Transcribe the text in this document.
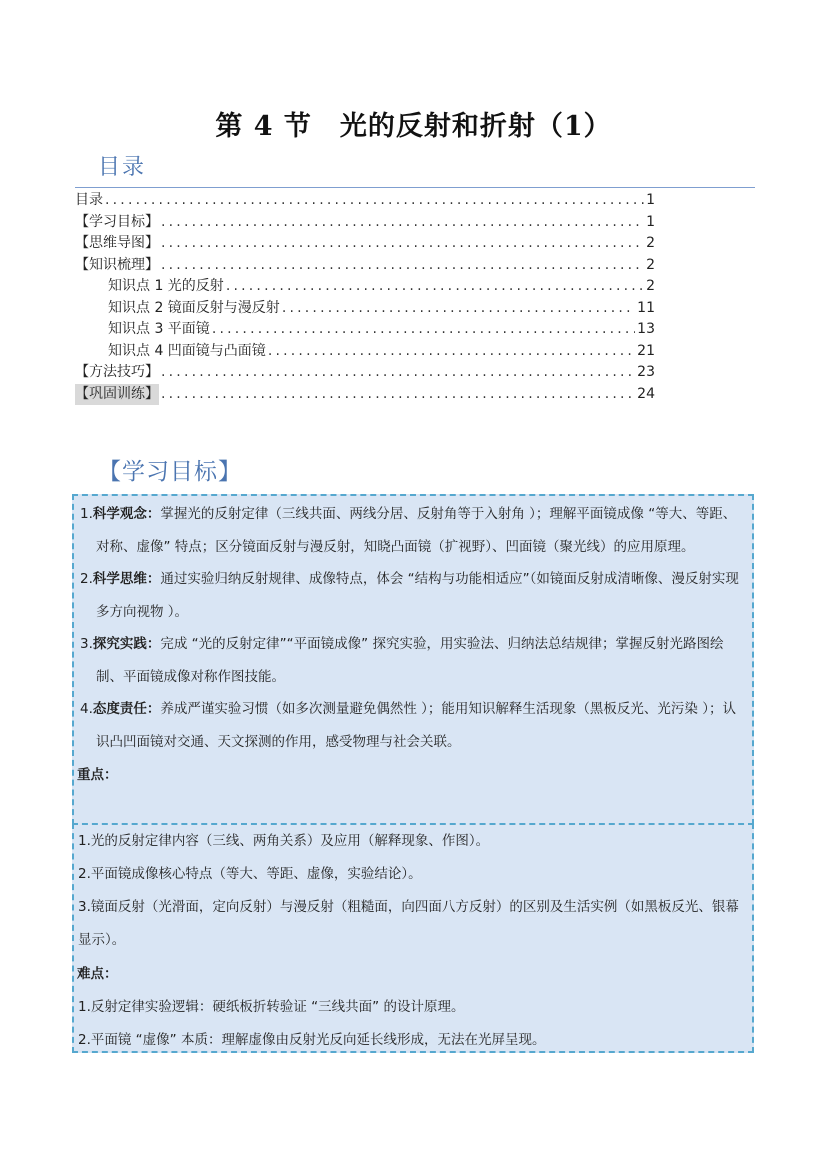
第 4 节　光的反射和折射（1）
目录
目录 .....	1
【学习目标】 .....	1
【思维导图】 .....	2
【知识梳理】 .....	2
知识点 1 光的反射 .....	2
知识点 2 镜面反射与漫反射 .....	11
知识点 3 平面镜 .....	13
知识点 4 凹面镜与凸面镜 .....	21
【方法技巧】 .....	23
【巩固训练】 .....	24
【学习目标】
1.科学观念：掌握光的反射定律（三线共面、两线分居、反射角等于入射角 ）；理解平面镜成像 “等大、等距、对称、虚像” 特点；区分镜面反射与漫反射，知晓凸面镜（扩视野）、凹面镜（聚光线）的应用原理。
2.科学思维：通过实验归纳反射规律、成像特点，体会 “结构与功能相适应”（如镜面反射成清晰像、漫反射实现多方向视物 ）。
3.探究实践：完成 “光的反射定律”“平面镜成像” 探究实验，用实验法、归纳法总结规律；掌握反射光路图绘制、平面镜成像对称作图技能。
4.态度责任：养成严谨实验习惯（如多次测量避免偶然性 ）；能用知识解释生活现象（黑板反光、光污染 ）；认识凸凹面镜对交通、天文探测的作用，感受物理与社会关联。
重点：
1.光的反射定律内容（三线、两角关系）及应用（解释现象、作图）。
2.平面镜成像核心特点（等大、等距、虚像，实验结论）。
3.镜面反射（光滑面，定向反射）与漫反射（粗糙面，向四面八方反射）的区别及生活实例（如黑板反光、银幕显示）。
难点：
1.反射定律实验逻辑：硬纸板折转验证 “三线共面” 的设计原理。
2.平面镜 “虚像” 本质：理解虚像由反射光反向延长线形成，无法在光屏呈现。
